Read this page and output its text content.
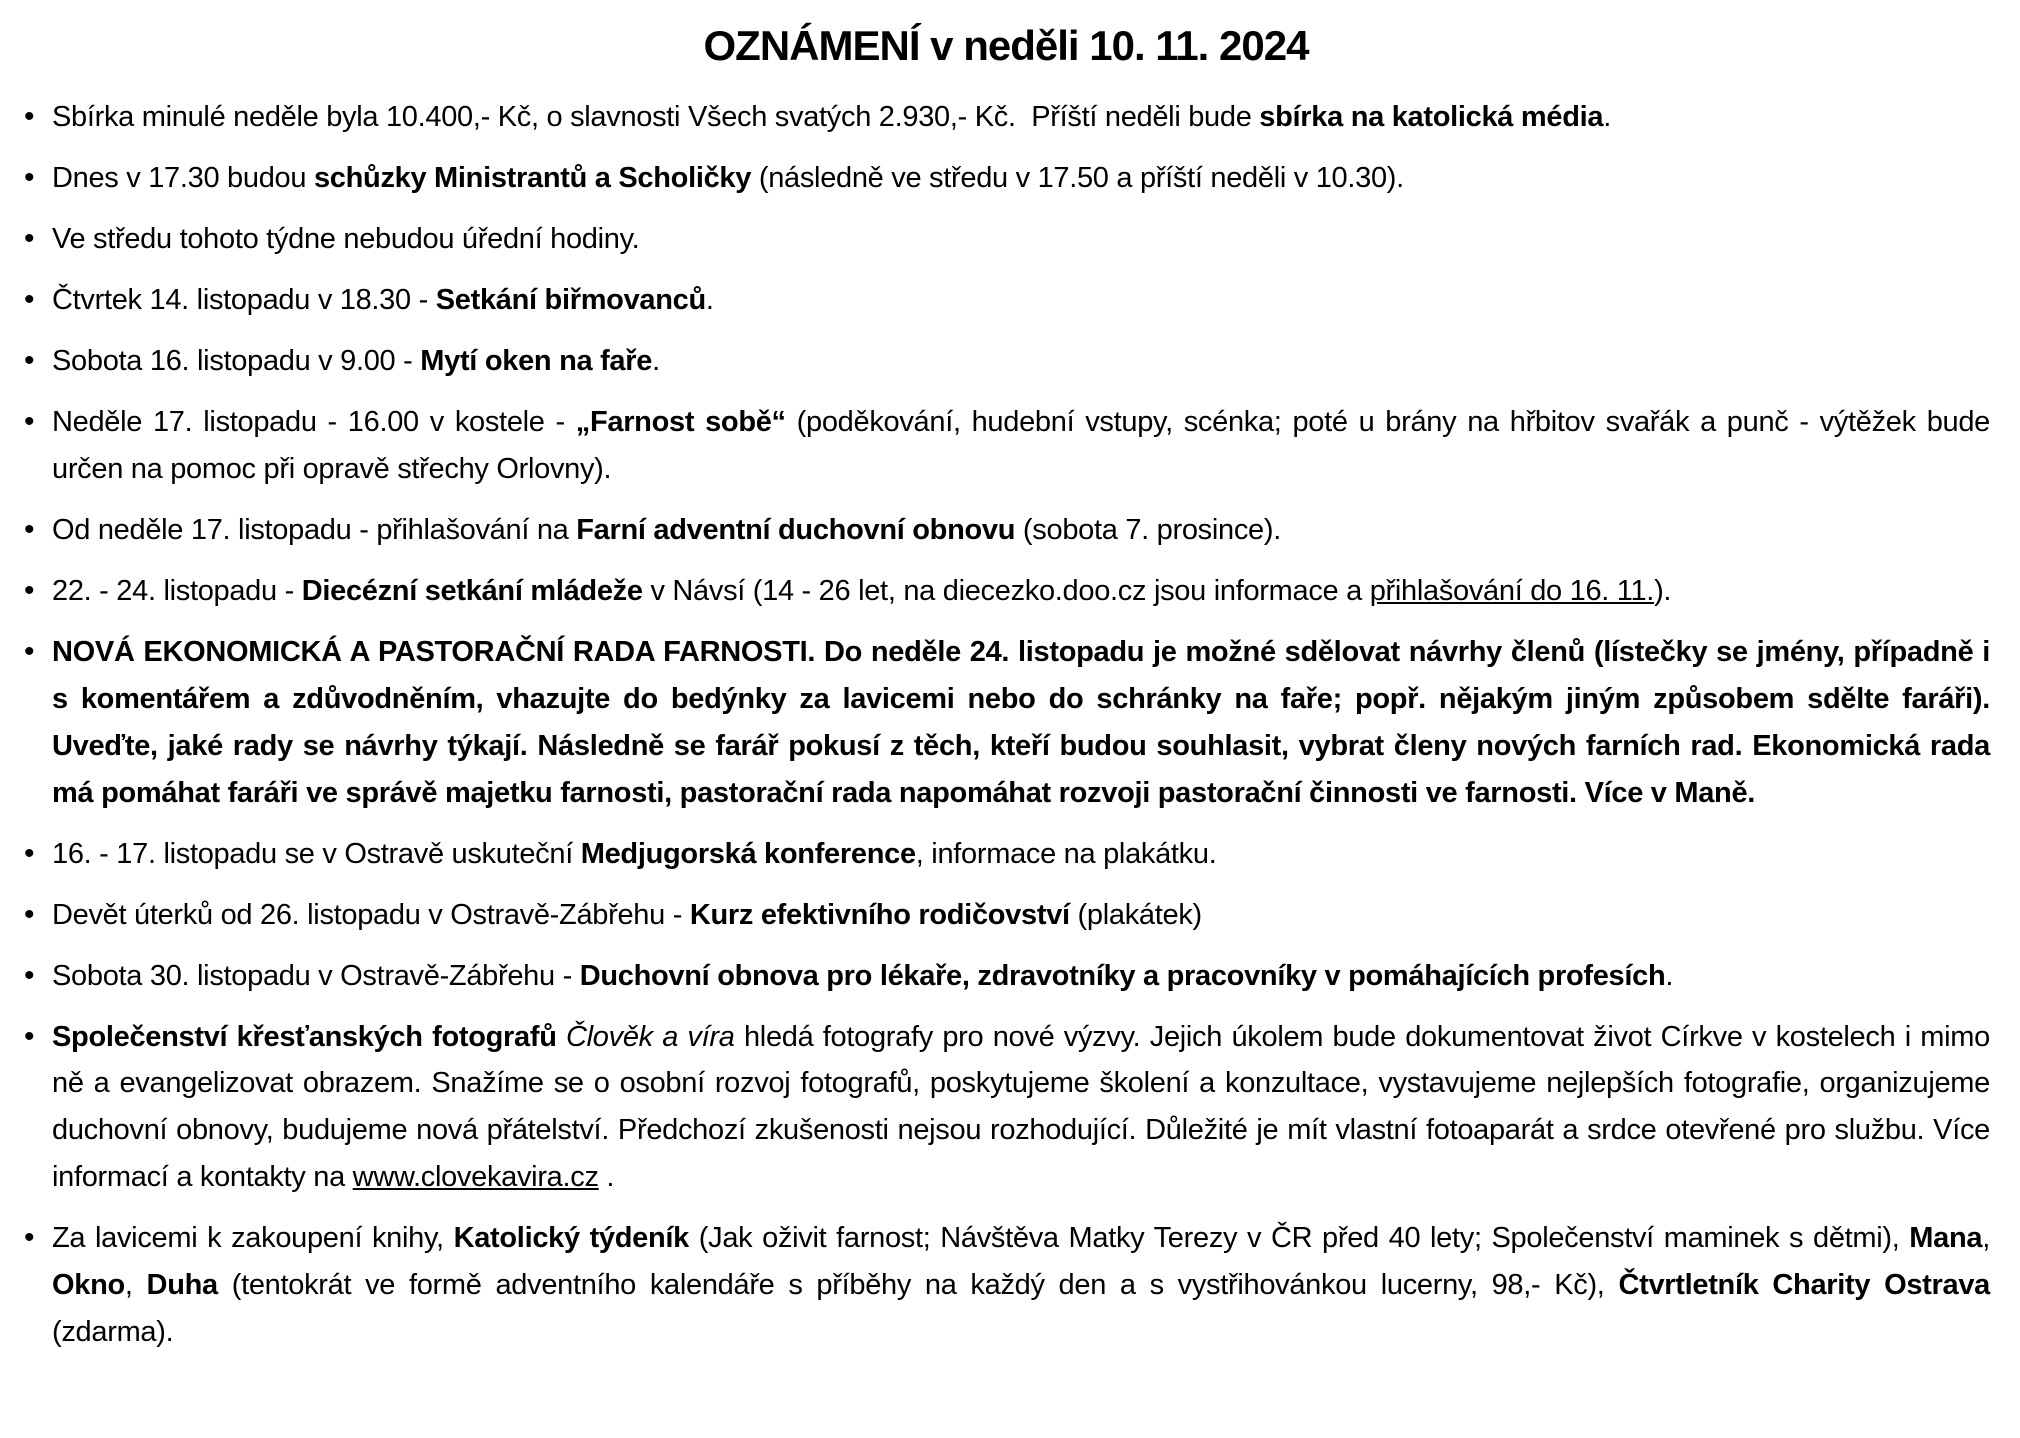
OZNÁMENÍ v neděli 10. 11. 2024
• Sbírka minulé neděle byla 10.400,- Kč, o slavnosti Všech svatých 2.930,- Kč.  Příští neděli bude sbírka na katolická média.
• Dnes v 17.30 budou schůzky Ministrantů a Scholičky (následně ve středu v 17.50 a příští neděli v 10.30).
• Ve středu tohoto týdne nebudou úřední hodiny.
• Čtvrtek 14. listopadu v 18.30 - Setkání biřmovanců.
• Sobota 16. listopadu v 9.00 - Mytí oken na faře.
• Neděle 17. listopadu - 16.00 v kostele - „Farnost sobě“ (poděkování, hudební vstupy, scénka; poté u brány na hřbitov svařák a punč - výtěžek bude určen na pomoc při opravě střechy Orlovny).
• Od neděle 17. listopadu - přihlašování na Farní adventní duchovní obnovu (sobota 7. prosince).
• 22. - 24. listopadu - Diecézní setkání mládeže v Návsí (14 - 26 let, na diecezko.doo.cz jsou informace a přihlašování do 16. 11.).
• NOVÁ EKONOMICKÁ A PASTORAČNÍ RADA FARNOSTI. Do neděle 24. listopadu je možné sdělovat návrhy členů (lístečky se jmény, případně i s komentářem a zdůvodněním, vhazujte do bedýnky za lavicemi nebo do schránky na faře; popř. nějakým jiným způsobem sdělte faráři). Uveďte, jaké rady se návrhy týkají. Následně se farář pokusí z těch, kteří budou souhlasit, vybrat členy nových farních rad. Ekonomická rada má pomáhat faráři ve správě majetku farnosti, pastorační rada napomáhat rozvoji pastorační činnosti ve farnosti. Více v Maně.
• 16. - 17. listopadu se v Ostravě uskuteční Medjugorská konference, informace na plakátku.
• Devět úterků od 26. listopadu v Ostravě-Zábřehu - Kurz efektivního rodičovství (plakátek)
• Sobota 30. listopadu v Ostravě-Zábřehu - Duchovní obnova pro lékaře, zdravotníky a pracovníky v pomáhajících profesích.
• Společenství křesťanských fotografů Člověk a víra hledá fotografy pro nové výzvy. Jejich úkolem bude dokumentovat život Církve v kostelech i mimo ně a evangelizovat obrazem. Snažíme se o osobní rozvoj fotografů, poskytujeme školení a konzultace, vystavujeme nejlepších fotografie, organizujeme duchovní obnovy, budujeme nová přátelství. Předchozí zkušenosti nejsou rozhodující. Důležité je mít vlastní fotoaparát a srdce otevřené pro službu. Více informací a kontakty na www.clovekavira.cz .
• Za lavicemi k zakoupení knihy, Katolický týdeník (Jak oživit farnost; Návštěva Matky Terezy v ČR před 40 lety; Společenství maminek s dětmi), Mana, Okno, Duha (tentokrát ve formě adventního kalendáře s příběhy na každý den a s vystřihovánkou lucerny, 98,- Kč), Čtvrtletník Charity Ostrava (zdarma).
